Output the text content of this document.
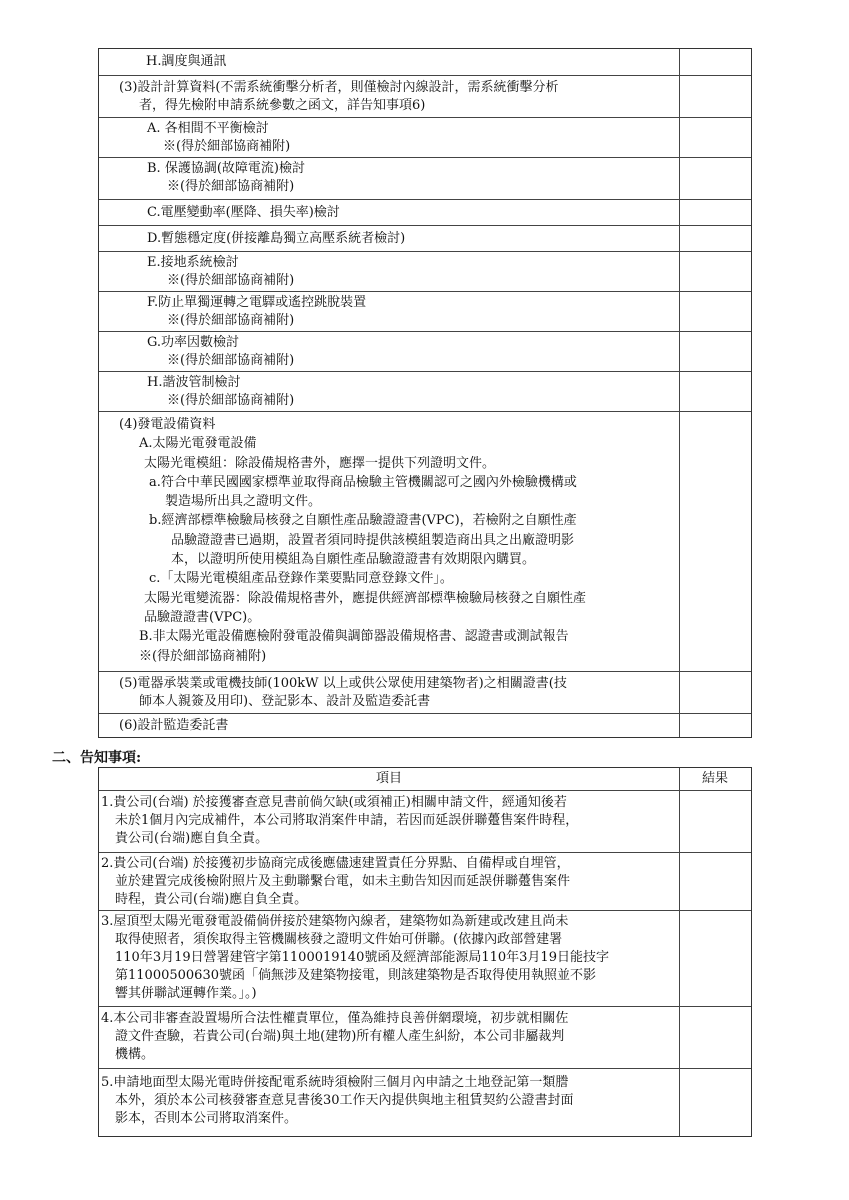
H.調度與通訊
(3)設計計算資料(不需系統衝擊分析者，則僅檢討內線設計，需系統衝擊分析
者，得先檢附申請系統參數之函文，詳告知事項6)
A. 各相間不平衡檢討
※(得於細部協商補附)
B. 保護協調(故障電流)檢討
※(得於細部協商補附)
C.電壓變動率(壓降、損失率)檢討
D.暫態穩定度(併接離島獨立高壓系統者檢討)
E.接地系統檢討
※(得於細部協商補附)
F.防止單獨運轉之電驛或遙控跳脫裝置
※(得於細部協商補附)
G.功率因數檢討
※(得於細部協商補附)
H.諧波管制檢討
※(得於細部協商補附)
(4)發電設備資料
A.太陽光電發電設備
太陽光電模組：除設備規格書外，應擇一提供下列證明文件。
a.符合中華民國國家標準並取得商品檢驗主管機關認可之國內外檢驗機構或
製造場所出具之證明文件。
b.經濟部標準檢驗局核發之自願性產品驗證證書(VPC)，若檢附之自願性產
品驗證證書已過期，設置者須同時提供該模組製造商出具之出廠證明影
本，以證明所使用模組為自願性產品驗證證書有效期限內購買。
c.「太陽光電模組產品登錄作業要點同意登錄文件」。
太陽光電變流器：除設備規格書外，應提供經濟部標準檢驗局核發之自願性產
品驗證證書(VPC)。
B.非太陽光電設備應檢附發電設備與調節器設備規格書、認證書或測試報告
※(得於細部協商補附)
(5)電器承裝業或電機技師(100kW 以上或供公眾使用建築物者)之相關證書(技
師本人親簽及用印)、登記影本、設計及監造委託書
(6)設計監造委託書
二、告知事項:
項目	結果
1.貴公司(台端) 於接獲審查意見書前倘欠缺(或須補正)相關申請文件，經通知後若
未於1個月內完成補件，本公司將取消案件申請，若因而延誤併聯躉售案件時程，
貴公司(台端)應自負全責。
2.貴公司(台端) 於接獲初步協商完成後應儘速建置責任分界點、自備桿或自埋管，
並於建置完成後檢附照片及主動聯繫台電，如未主動告知因而延誤併聯躉售案件
時程，貴公司(台端)應自負全責。
3.屋頂型太陽光電發電設備倘併接於建築物內線者，建築物如為新建或改建且尚未
取得使照者，須俟取得主管機關核發之證明文件始可併聯。(依據內政部營建署
110年3月19日營署建管字第1100019140號函及經濟部能源局110年3月19日能技字
第11000500630號函「倘無涉及建築物接電，則該建築物是否取得使用執照並不影
響其併聯試運轉作業。」。)
4.本公司非審查設置場所合法性權責單位，僅為維持良善併網環境，初步就相關佐
證文件查驗，若貴公司(台端)與土地(建物)所有權人產生糾紛，本公司非屬裁判
機構。
5.申請地面型太陽光電時併接配電系統時須檢附三個月內申請之土地登記第一類謄
本外，須於本公司核發審查意見書後30工作天內提供與地主租賃契約公證書封面
影本，否則本公司將取消案件。
